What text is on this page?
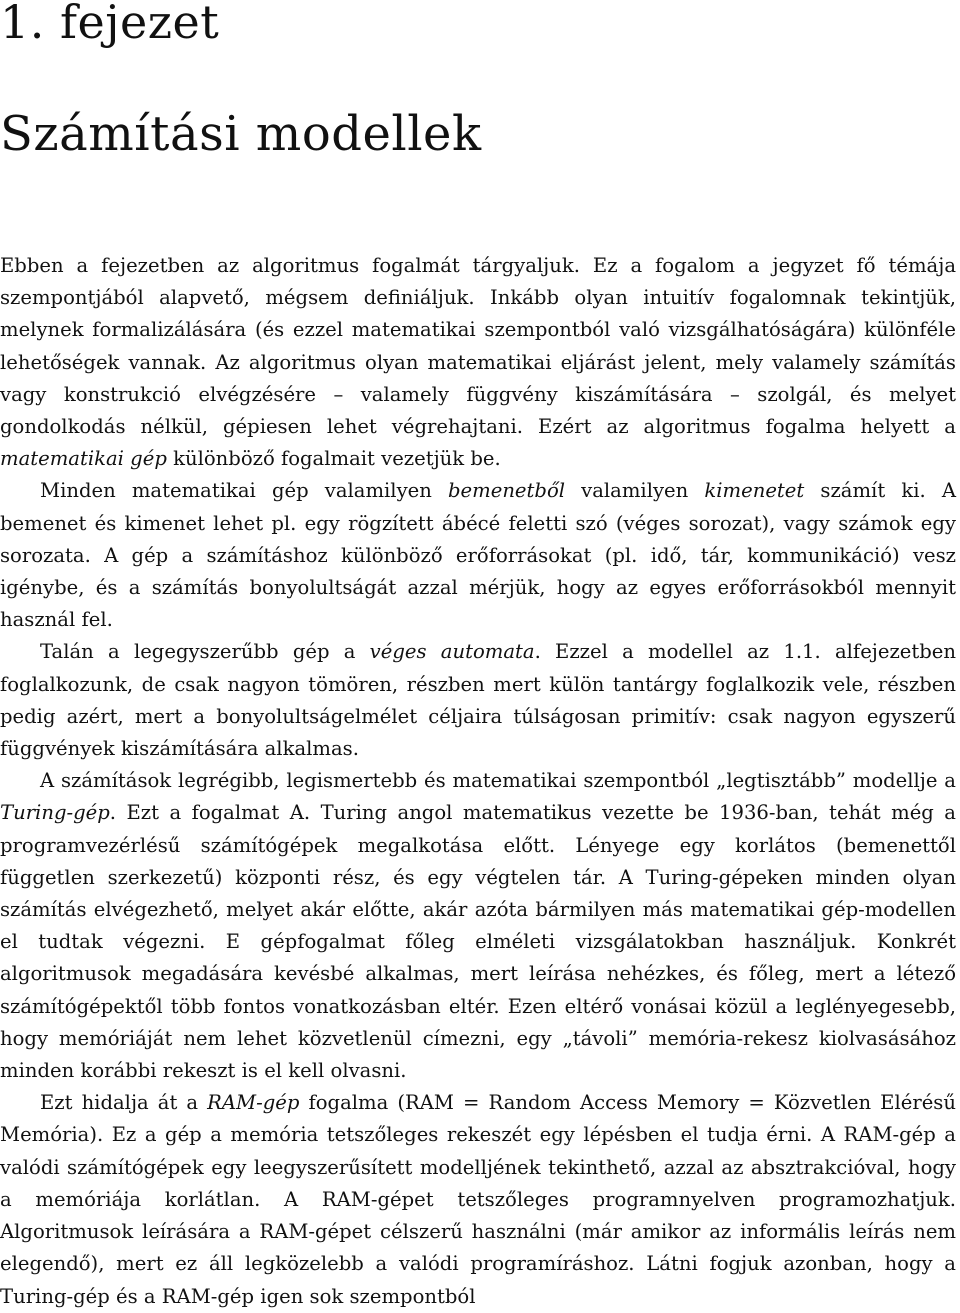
1. fejezet
Számítási modellek

Ebben a fejezetben az algoritmus fogalmát tárgyaljuk. Ez a fogalom a jegyzet fő témája szempontjából alapvető, mégsem definiáljuk. Inkább olyan intuitív fogalomnak tekintjük, melynek formalizálására (és ezzel matematikai szempontból való vizsgálhatóságára) különféle lehetőségek vannak. Az algoritmus olyan matematikai eljárást jelent, mely valamely számítás vagy konstrukció elvégzésére – valamely függvény kiszámítására – szolgál, és melyet gondolkodás nélkül, gépiesen lehet végrehajtani. Ezért az algoritmus fogalma helyett a matematikai gép különböző fogalmait vezetjük be.

Minden matematikai gép valamilyen bemenetből valamilyen kimenetet számít ki. A bemenet és kimenet lehet pl. egy rögzített ábécé feletti szó (véges sorozat), vagy számok egy sorozata. A gép a számításhoz különböző erőforrásokat (pl. idő, tár, kommunikáció) vesz igénybe, és a számítás bonyolultságát azzal mérjük, hogy az egyes erőforrásokból mennyit használ fel.

Talán a legegyszerűbb gép a véges automata. Ezzel a modellel az 1.1. alfejezetben foglalkozunk, de csak nagyon tömören, részben mert külön tantárgy foglalkozik vele, részben pedig azért, mert a bonyolultságelmélet céljaira túlságosan primitív: csak nagyon egyszerű függvények kiszámítására alkalmas.

A számítások legrégibb, legismertebb és matematikai szempontból „legtisztább” modellje a Turing-gép. Ezt a fogalmat A. Turing angol matematikus vezette be 1936-ban, tehát még a programvezérlésű számítógépek megalkotása előtt. Lényege egy korlátos (bemenettől független szerkezetű) központi rész, és egy végtelen tár. A Turing-gépeken minden olyan számítás elvégezhető, melyet akár előtte, akár azóta bármilyen más matematikai gép-modellen el tudtak végezni. E gépfogalmat főleg elméleti vizsgálatokban használjuk. Konkrét algoritmusok megadására kevésbé alkalmas, mert leírása nehézkes, és főleg, mert a létező számítógépektől több fontos vonatkozásban eltér. Ezen eltérő vonásai közül a leglényegesebb, hogy memóriáját nem lehet közvetlenül címezni, egy „távoli” memória-rekesz kiolvasásához minden korábbi rekeszt is el kell olvasni.

Ezt hidalja át a RAM-gép fogalma (RAM = Random Access Memory = Közvetlen Elérésű Memória). Ez a gép a memória tetszőleges rekeszét egy lépésben el tudja érni. A RAM-gép a valódi számítógépek egy leegyszerűsített modelljének tekinthető, azzal az absztrakcióval, hogy a memóriája korlátlan. A RAM-gépet tetszőleges programnyelven programozhatjuk. Algoritmusok leírására a RAM-gépet célszerű használni (már amikor az informális leírás nem elegendő), mert ez áll legközelebb a valódi programíráshoz. Látni fogjuk azonban, hogy a Turing-gép és a RAM-gép igen sok szempontból
